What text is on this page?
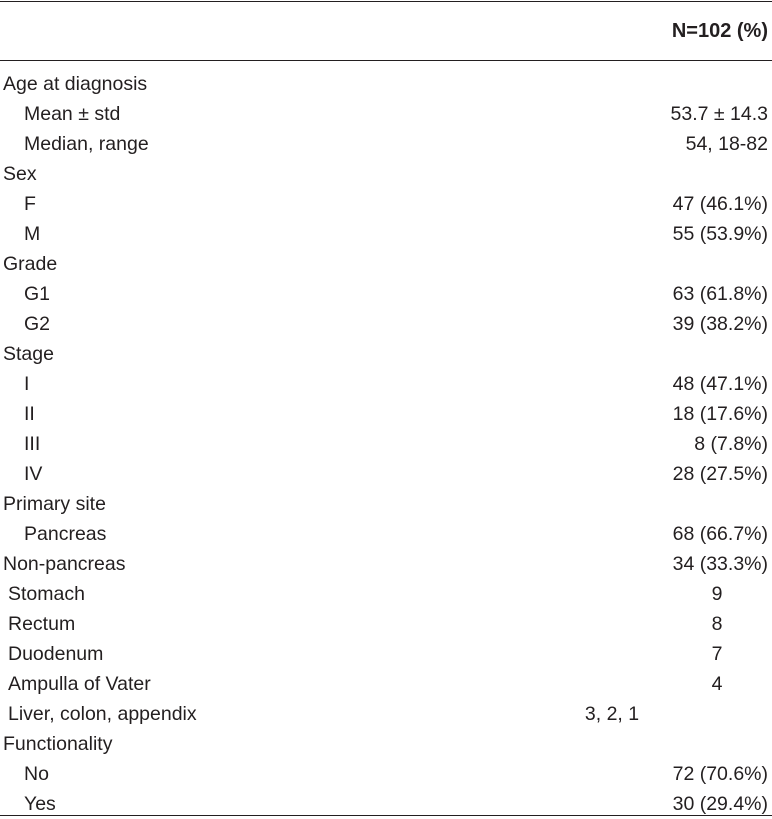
N=102 (%)
Age at diagnosis
Mean ± std	53.7 ± 14.3
Median, range	54, 18-82
Sex
F	47 (46.1%)
M	55 (53.9%)
Grade
G1	63 (61.8%)
G2	39 (38.2%)
Stage
I	48 (47.1%)
II	18 (17.6%)
III	8 (7.8%)
IV	28 (27.5%)
Primary site
Pancreas	68 (66.7%)
Non-pancreas	34 (33.3%)
Stomach	9
Rectum	8
Duodenum	7
Ampulla of Vater	4
Liver, colon, appendix	3, 2, 1
Functionality
No	72 (70.6%)
Yes	30 (29.4%)
